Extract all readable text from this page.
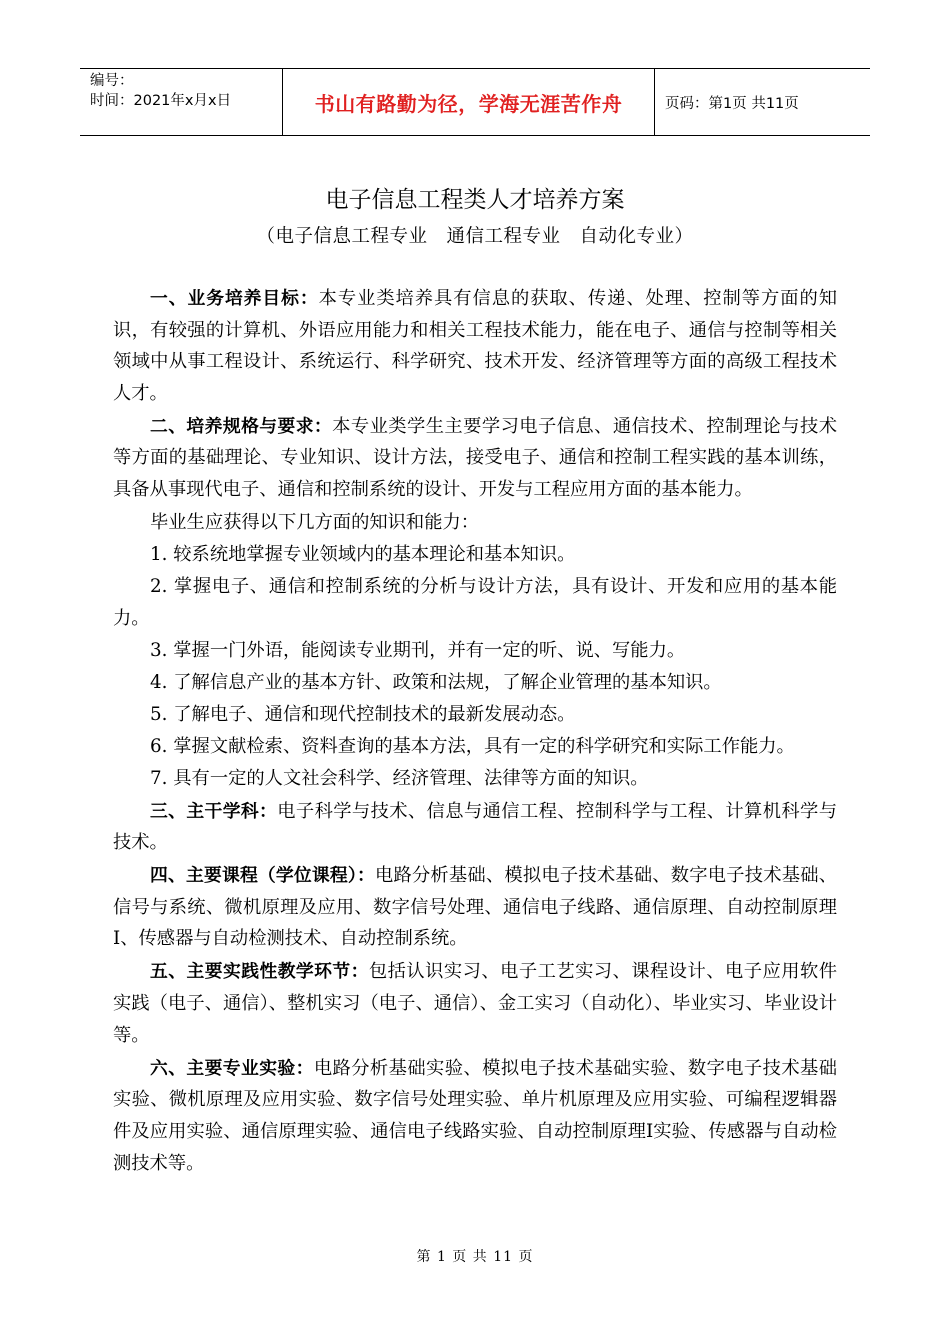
编号：
时间：2021年x月x日	书山有路勤为径，学海无涯苦作舟	页码：第1页 共11页
电子信息工程类人才培养方案
（电子信息工程专业　通信工程专业　自动化专业）

一、业务培养目标：本专业类培养具有信息的获取、传递、处理、控制等方面的知识，有较强的计算机、外语应用能力和相关工程技术能力，能在电子、通信与控制等相关领域中从事工程设计、系统运行、科学研究、技术开发、经济管理等方面的高级工程技术人才。

二、培养规格与要求：本专业类学生主要学习电子信息、通信技术、控制理论与技术等方面的基础理论、专业知识、设计方法，接受电子、通信和控制工程实践的基本训练，具备从事现代电子、通信和控制系统的设计、开发与工程应用方面的基本能力。

毕业生应获得以下几方面的知识和能力：

1. 较系统地掌握专业领域内的基本理论和基本知识。

2. 掌握电子、通信和控制系统的分析与设计方法，具有设计、开发和应用的基本能力。

3. 掌握一门外语，能阅读专业期刊，并有一定的听、说、写能力。

4. 了解信息产业的基本方针、政策和法规，了解企业管理的基本知识。

5. 了解电子、通信和现代控制技术的最新发展动态。

6. 掌握文献检索、资料查询的基本方法，具有一定的科学研究和实际工作能力。

7. 具有一定的人文社会科学、经济管理、法律等方面的知识。

三、主干学科：电子科学与技术、信息与通信工程、控制科学与工程、计算机科学与技术。

四、主要课程（学位课程）：电路分析基础、模拟电子技术基础、数字电子技术基础、信号与系统、微机原理及应用、数字信号处理、通信电子线路、通信原理、自动控制原理Ⅰ、传感器与自动检测技术、自动控制系统。

五、主要实践性教学环节：包括认识实习、电子工艺实习、课程设计、电子应用软件实践（电子、通信）、整机实习（电子、通信）、金工实习（自动化）、毕业实习、毕业设计等。

六、主要专业实验：电路分析基础实验、模拟电子技术基础实验、数字电子技术基础实验、微机原理及应用实验、数字信号处理实验、单片机原理及应用实验、可编程逻辑器件及应用实验、通信原理实验、通信电子线路实验、自动控制原理Ⅰ实验、传感器与自动检测技术等。

第 1 页 共 11 页
